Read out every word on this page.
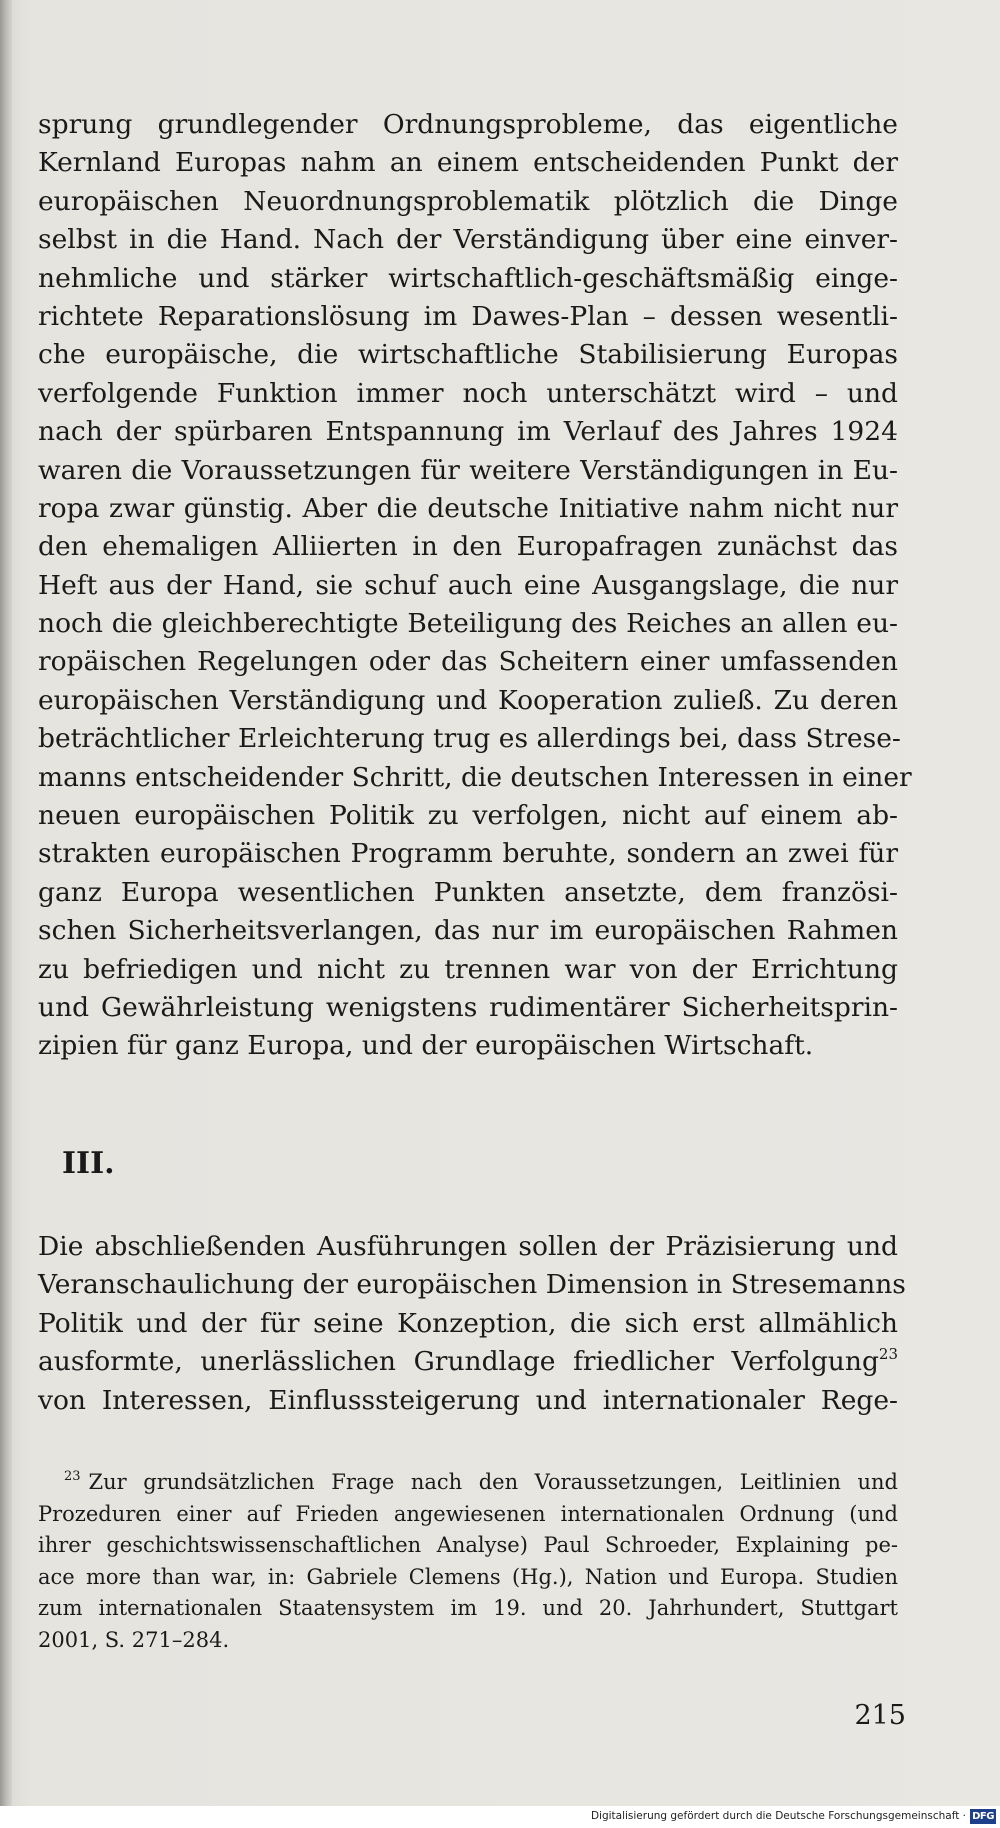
sprung grundlegender Ordnungsprobleme, das eigentliche
Kernland Europas nahm an einem entscheidenden Punkt der
europäischen Neuordnungsproblematik plötzlich die Dinge
selbst in die Hand. Nach der Verständigung über eine einver-
nehmliche und stärker wirtschaftlich-geschäftsmäßig einge-
richtete Reparationslösung im Dawes-Plan – dessen wesentli-
che europäische, die wirtschaftliche Stabilisierung Europas
verfolgende Funktion immer noch unterschätzt wird – und
nach der spürbaren Entspannung im Verlauf des Jahres 1924
waren die Voraussetzungen für weitere Verständigungen in Eu-
ropa zwar günstig. Aber die deutsche Initiative nahm nicht nur
den ehemaligen Alliierten in den Europafragen zunächst das
Heft aus der Hand, sie schuf auch eine Ausgangslage, die nur
noch die gleichberechtigte Beteiligung des Reiches an allen eu-
ropäischen Regelungen oder das Scheitern einer umfassenden
europäischen Verständigung und Kooperation zuließ. Zu deren
beträchtlicher Erleichterung trug es allerdings bei, dass Strese-
manns entscheidender Schritt, die deutschen Interessen in einer
neuen europäischen Politik zu verfolgen, nicht auf einem ab-
strakten europäischen Programm beruhte, sondern an zwei für
ganz Europa wesentlichen Punkten ansetzte, dem französi-
schen Sicherheitsverlangen, das nur im europäischen Rahmen
zu befriedigen und nicht zu trennen war von der Errichtung
und Gewährleistung wenigstens rudimentärer Sicherheitsprin-
zipien für ganz Europa, und der europäischen Wirtschaft.
III.
Die abschließenden Ausführungen sollen der Präzisierung und
Veranschaulichung der europäischen Dimension in Stresemanns
Politik und der für seine Konzeption, die sich erst allmählich
ausformte, unerlässlichen Grundlage friedlicher Verfolgung$^{23}$
von Interessen, Einflusssteigerung und internationaler Rege-
$^{23}$ Zur grundsätzlichen Frage nach den Voraussetzungen, Leitlinien und
Prozeduren einer auf Frieden angewiesenen internationalen Ordnung (und
ihrer geschichtswissenschaftlichen Analyse) Paul Schroeder, Explaining pe-
ace more than war, in: Gabriele Clemens (Hg.), Nation und Europa. Studien
zum internationalen Staatensystem im 19. und 20. Jahrhundert, Stuttgart
2001, S. 271–284.
215
Digitalisierung gefördert durch die Deutsche Forschungsgemeinschaft · DFG
